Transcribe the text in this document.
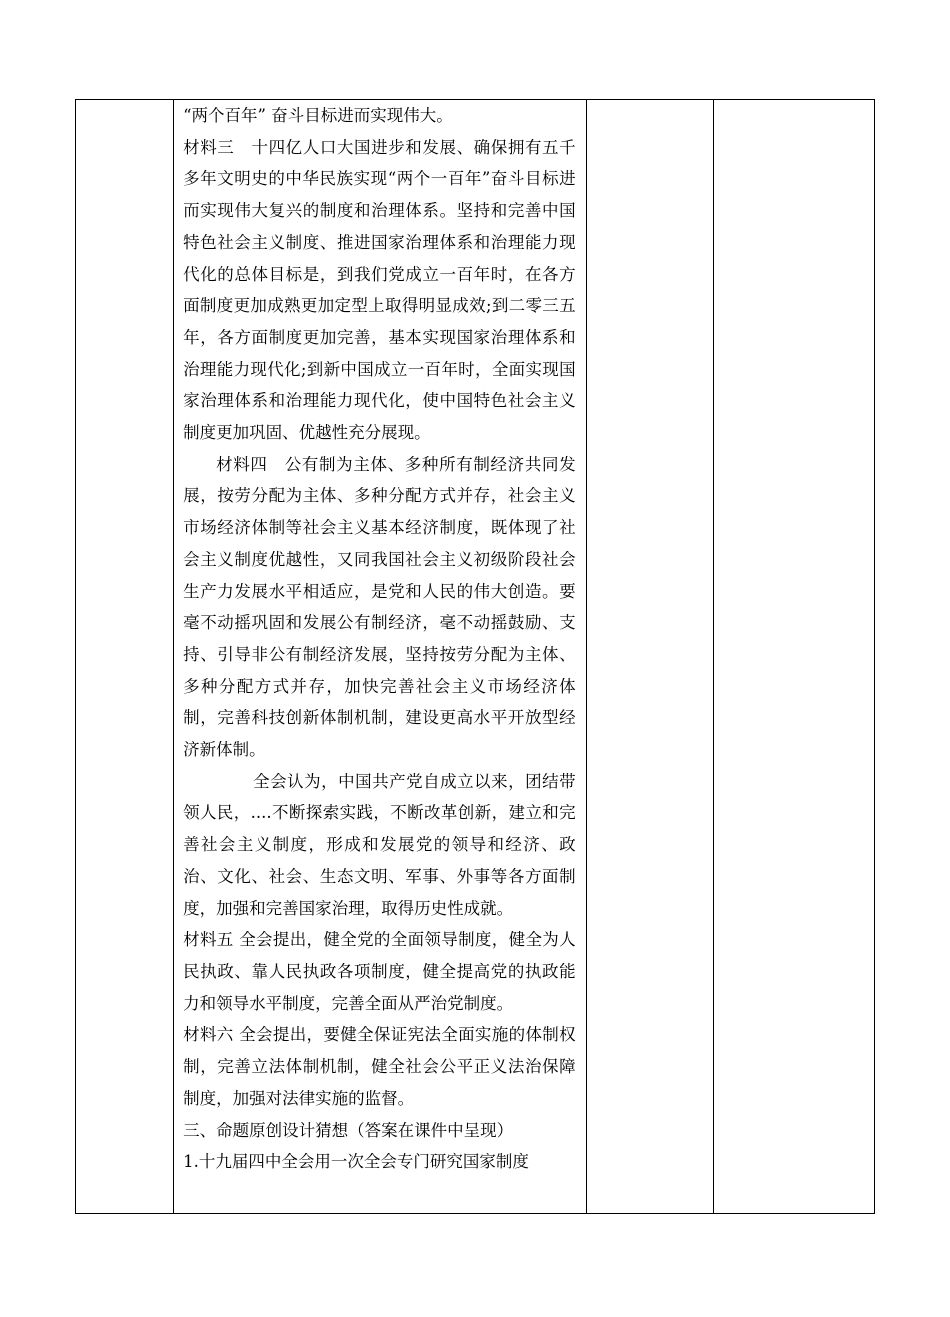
“两个百年” 奋斗目标进而实现伟大。

材料三　十四亿人口大国进步和发展、确保拥有五千多年文明史的中华民族实现“两个一百年”奋斗目标进而实现伟大复兴的制度和治理体系。坚持和完善中国特色社会主义制度、推进国家治理体系和治理能力现代化的总体目标是，到我们党成立一百年时，在各方面制度更加成熟更加定型上取得明显成效;到二零三五年，各方面制度更加完善，基本实现国家治理体系和治理能力现代化;到新中国成立一百年时，全面实现国家治理体系和治理能力现代化，使中国特色社会主义制度更加巩固、优越性充分展现。

材料四　公有制为主体、多种所有制经济共同发展，按劳分配为主体、多种分配方式并存，社会主义市场经济体制等社会主义基本经济制度，既体现了社会主义制度优越性，又同我国社会主义初级阶段社会生产力发展水平相适应，是党和人民的伟大创造。要毫不动摇巩固和发展公有制经济，毫不动摇鼓励、支持、引导非公有制经济发展，坚持按劳分配为主体、多种分配方式并存，加快完善社会主义市场经济体制，完善科技创新体制机制，建设更高水平开放型经济新体制。

全会认为，中国共产党自成立以来，团结带领人民，....不断探索实践，不断改革创新，建立和完善社会主义制度，形成和发展党的领导和经济、政治、文化、社会、生态文明、军事、外事等各方面制度，加强和完善国家治理，取得历史性成就。

材料五 全会提出，健全党的全面领导制度，健全为人民执政、靠人民执政各项制度，健全提高党的执政能力和领导水平制度，完善全面从严治党制度。

材料六 全会提出，要健全保证宪法全面实施的体制权制，完善立法体制机制，健全社会公平正义法治保障制度，加强对法律实施的监督。

三、命题原创设计猜想（答案在课件中呈现）

1.十九届四中全会用一次全会专门研究国家制度
